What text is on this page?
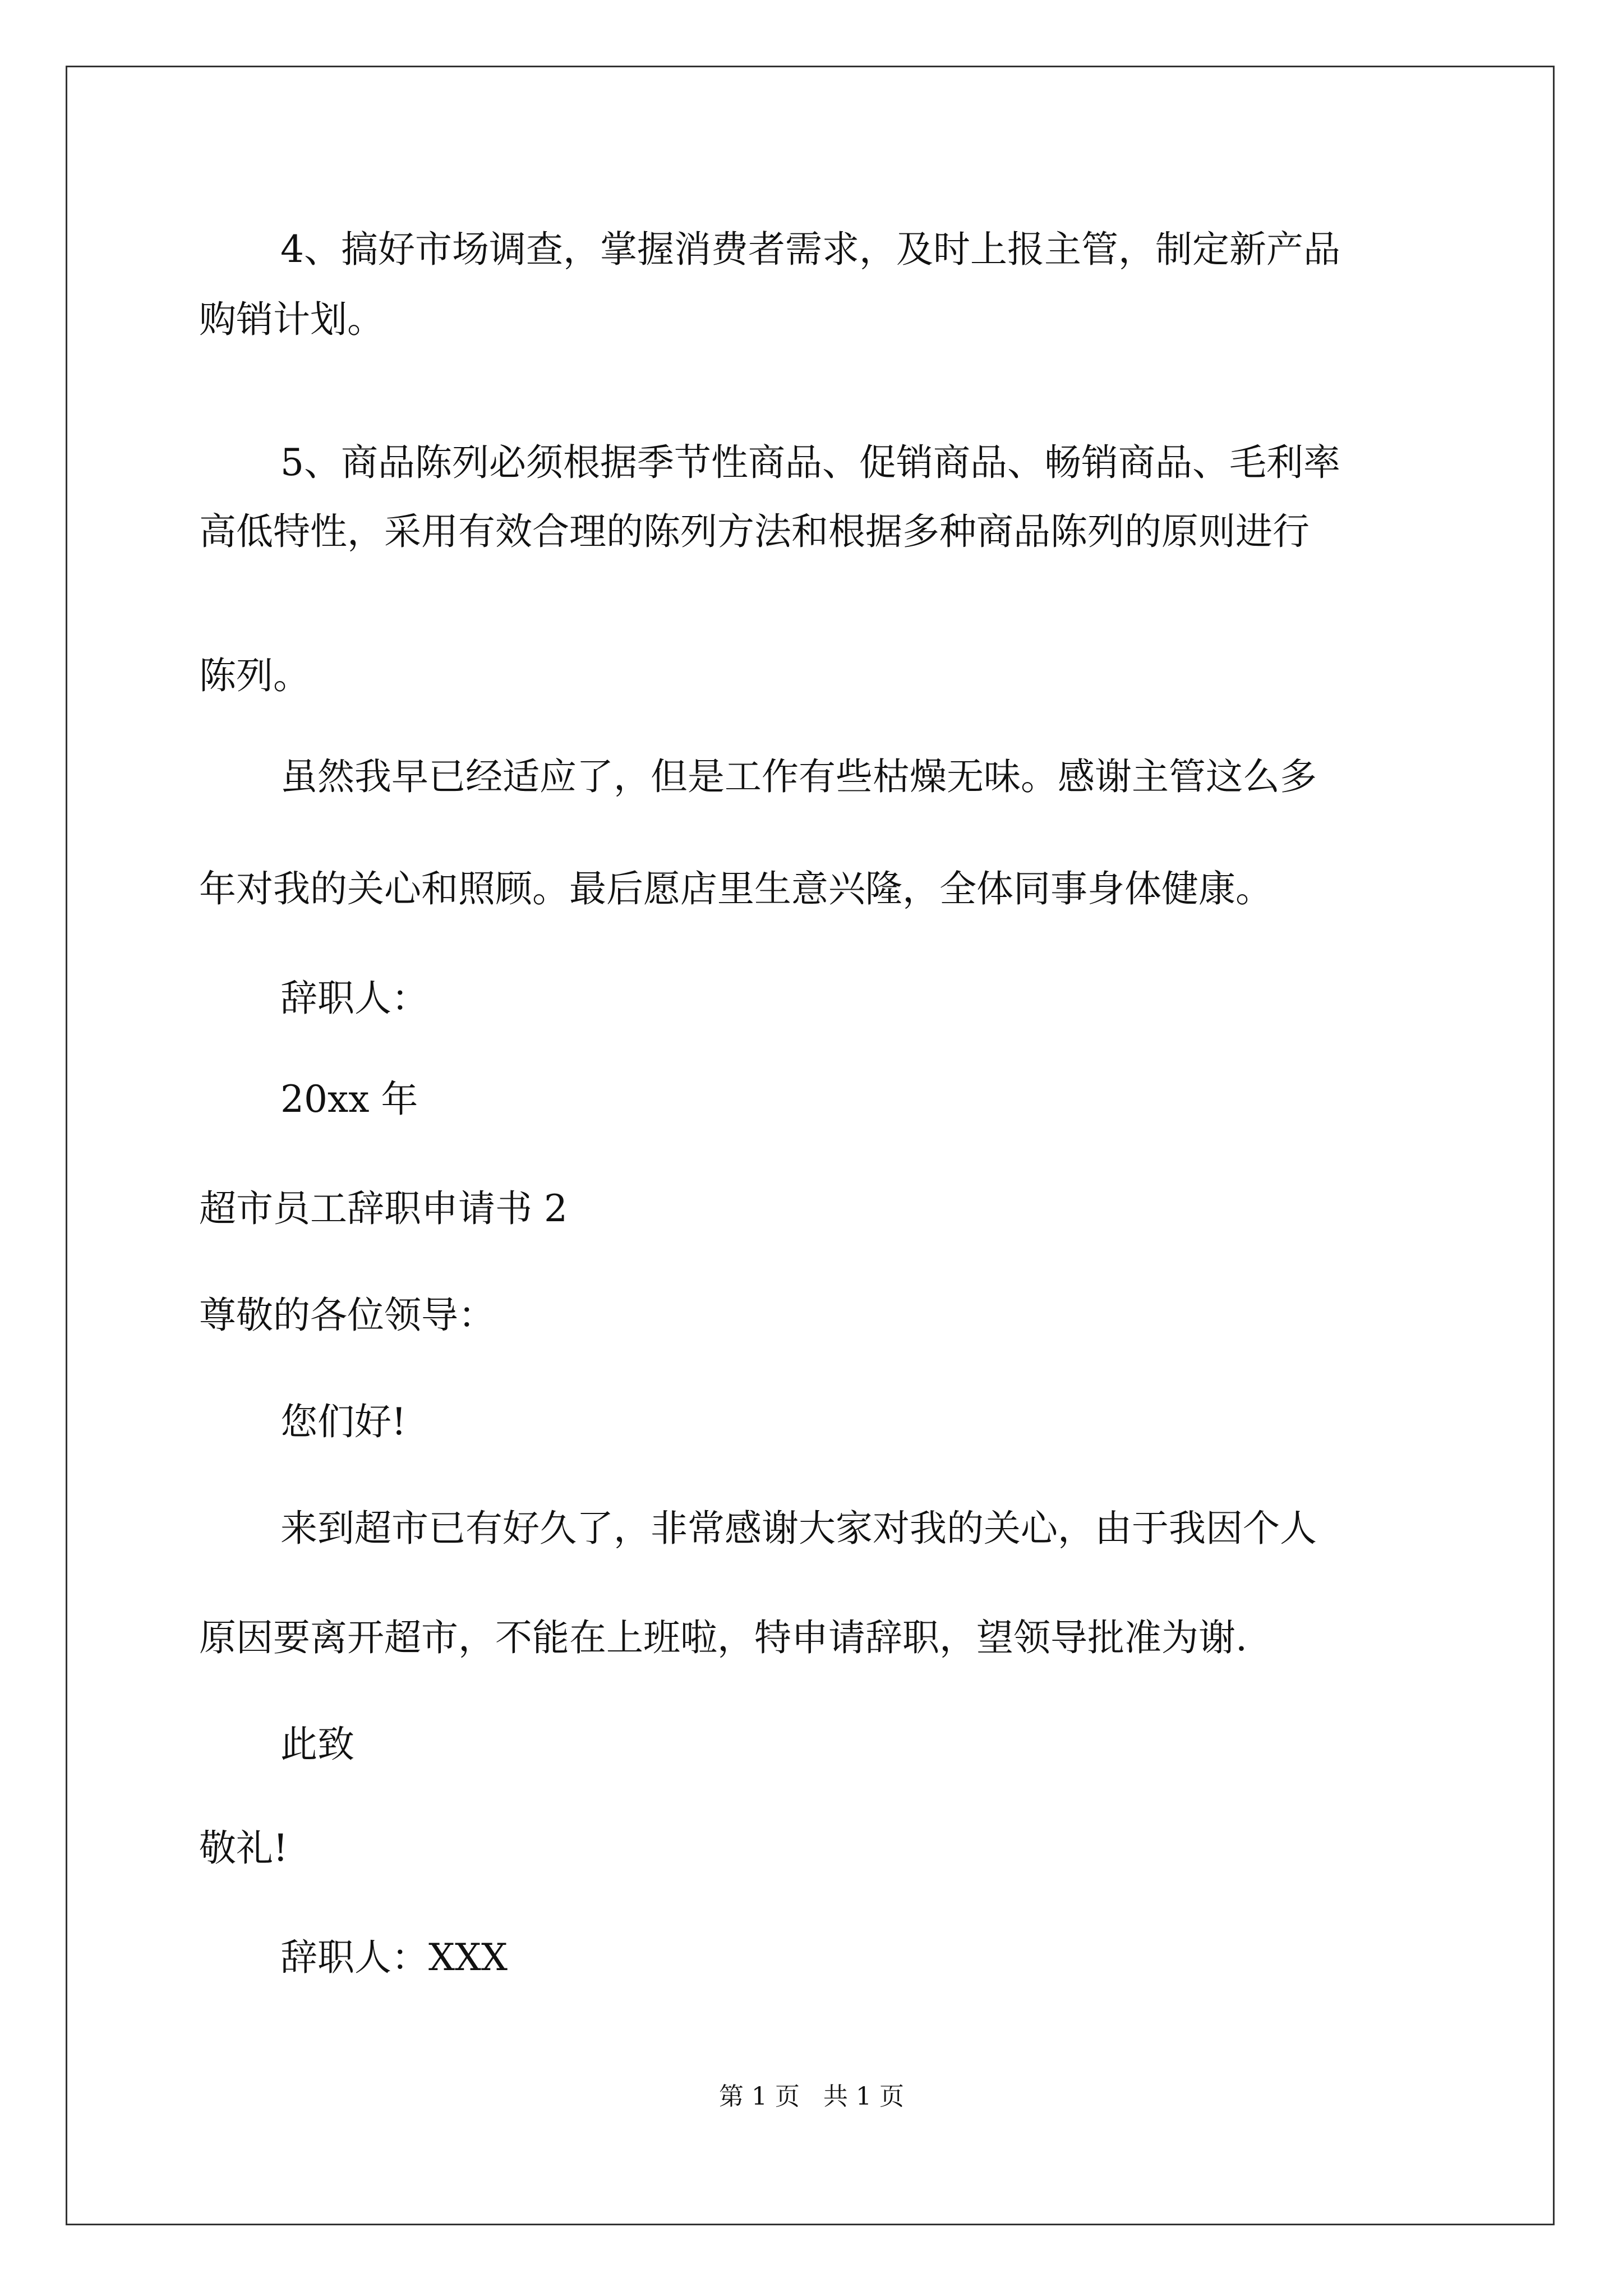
4、搞好市场调查，掌握消费者需求，及时上报主管，制定新产品
购销计划。
5、商品陈列必须根据季节性商品、促销商品、畅销商品、毛利率
高低特性，采用有效合理的陈列方法和根据多种商品陈列的原则进行
陈列。
虽然我早已经适应了，但是工作有些枯燥无味。感谢主管这么多
年对我的关心和照顾。最后愿店里生意兴隆，全体同事身体健康。
辞职人：
20xx 年
超市员工辞职申请书 2
尊敬的各位领导：
您们好!
来到超市已有好久了，非常感谢大家对我的关心，由于我因个人
原因要离开超市，不能在上班啦，特申请辞职，望领导批准为谢.
此致
敬礼!
辞职人：XXX
第 1 页   共 1 页
